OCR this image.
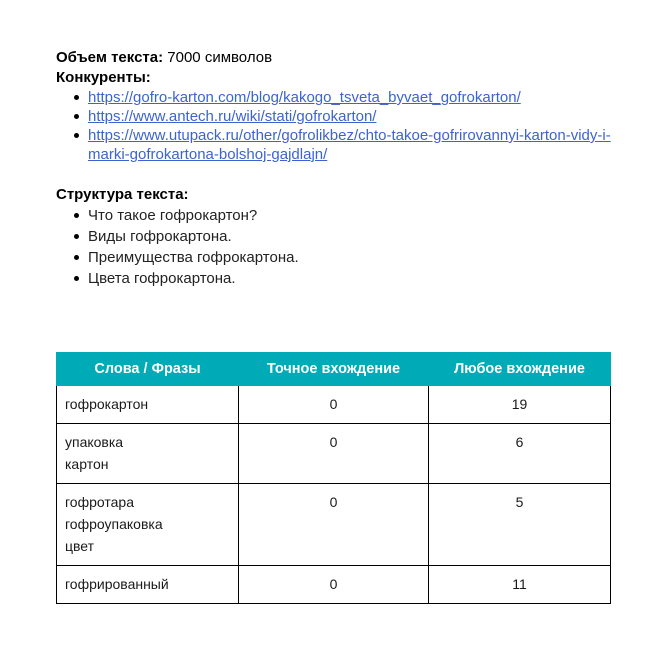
Объем текста: 7000 символов
Конкуренты:
https://gofro-karton.com/blog/kakogo_tsveta_byvaet_gofrokarton/
https://www.antech.ru/wiki/stati/gofrokarton/
https://www.utupack.ru/other/gofrolikbez/chto-takoe-gofrirovannyi-karton-vidy-i-marki-gofrokartona-bolshoj-gajdlajn/
Структура текста:
Что такое гофрокартон?
Виды гофрокартона.
Преимущества гофрокартона.
Цвета гофрокартона.
Слова / Фразы	Точное вхождение	Любое вхождение

гофрокартон	0	19

упаковка
картон	0	6

гофротара
гофроупаковка
цвет	0	5

гофрированный	0	11
